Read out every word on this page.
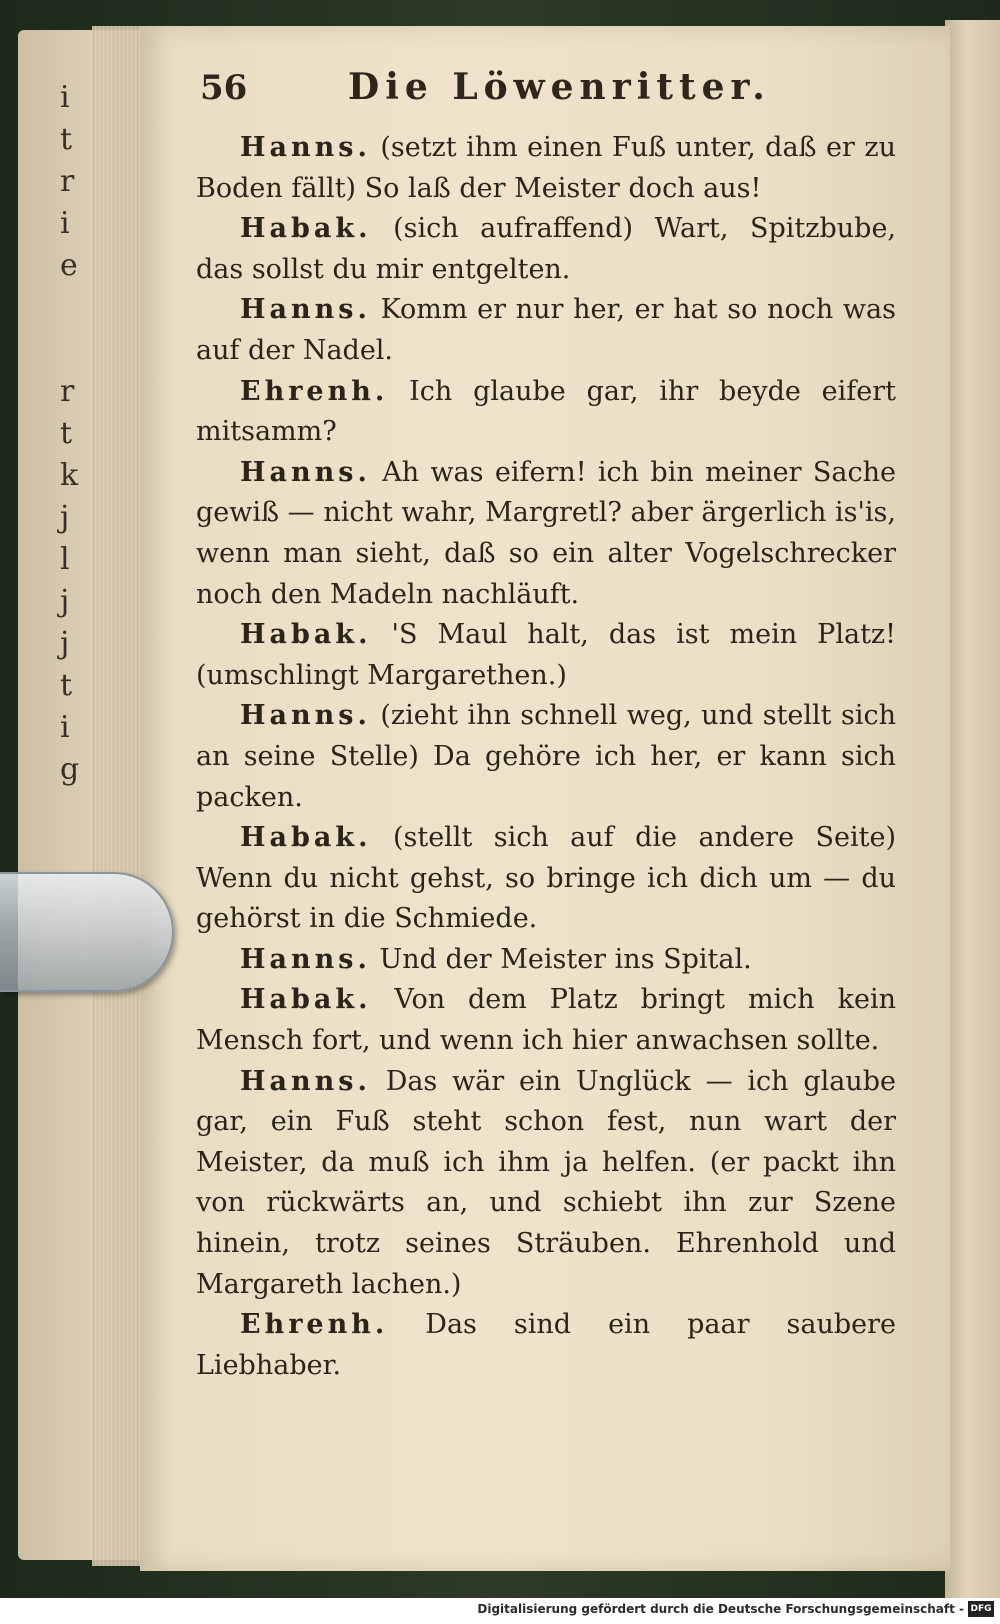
i
t
r
i
e
r
t
k
j
l
j
j
t
i
g
56	Die Löwenritter.
Hanns. (setzt ihm einen Fuß unter, daß er zu Boden fällt) So laß der Meister doch aus!
Habak. (sich aufraffend) Wart, Spitzbube, das sollst du mir entgelten.
Hanns. Komm er nur her, er hat so noch was auf der Nadel.
Ehrenh. Ich glaube gar, ihr beyde eifert mitsamm?
Hanns. Ah was eifern! ich bin meiner Sache gewiß — nicht wahr, Margretl? aber ärgerlich is'is, wenn man sieht, daß so ein alter Vogelschrecker noch den Madeln nachläuft.
Habak. 'S Maul halt, das ist mein Platz! (umschlingt Margarethen.)
Hanns. (zieht ihn schnell weg, und stellt sich an seine Stelle) Da gehöre ich her, er kann sich packen.
Habak. (stellt sich auf die andere Seite) Wenn du nicht gehst, so bringe ich dich um — du gehörst in die Schmiede.
Hanns. Und der Meister ins Spital.
Habak. Von dem Platz bringt mich kein Mensch fort, und wenn ich hier anwachsen sollte.
Hanns. Das wär ein Unglück — ich glaube gar, ein Fuß steht schon fest, nun wart der Meister, da muß ich ihm ja helfen. (er packt ihn von rückwärts an, und schiebt ihn zur Szene hinein, trotz seines Sträuben. Ehrenhold und Margareth lachen.)
Ehrenh. Das sind ein paar saubere Liebhaber.
Digitalisierung gefördert durch die Deutsche Forschungsgemeinschaft - DFG
